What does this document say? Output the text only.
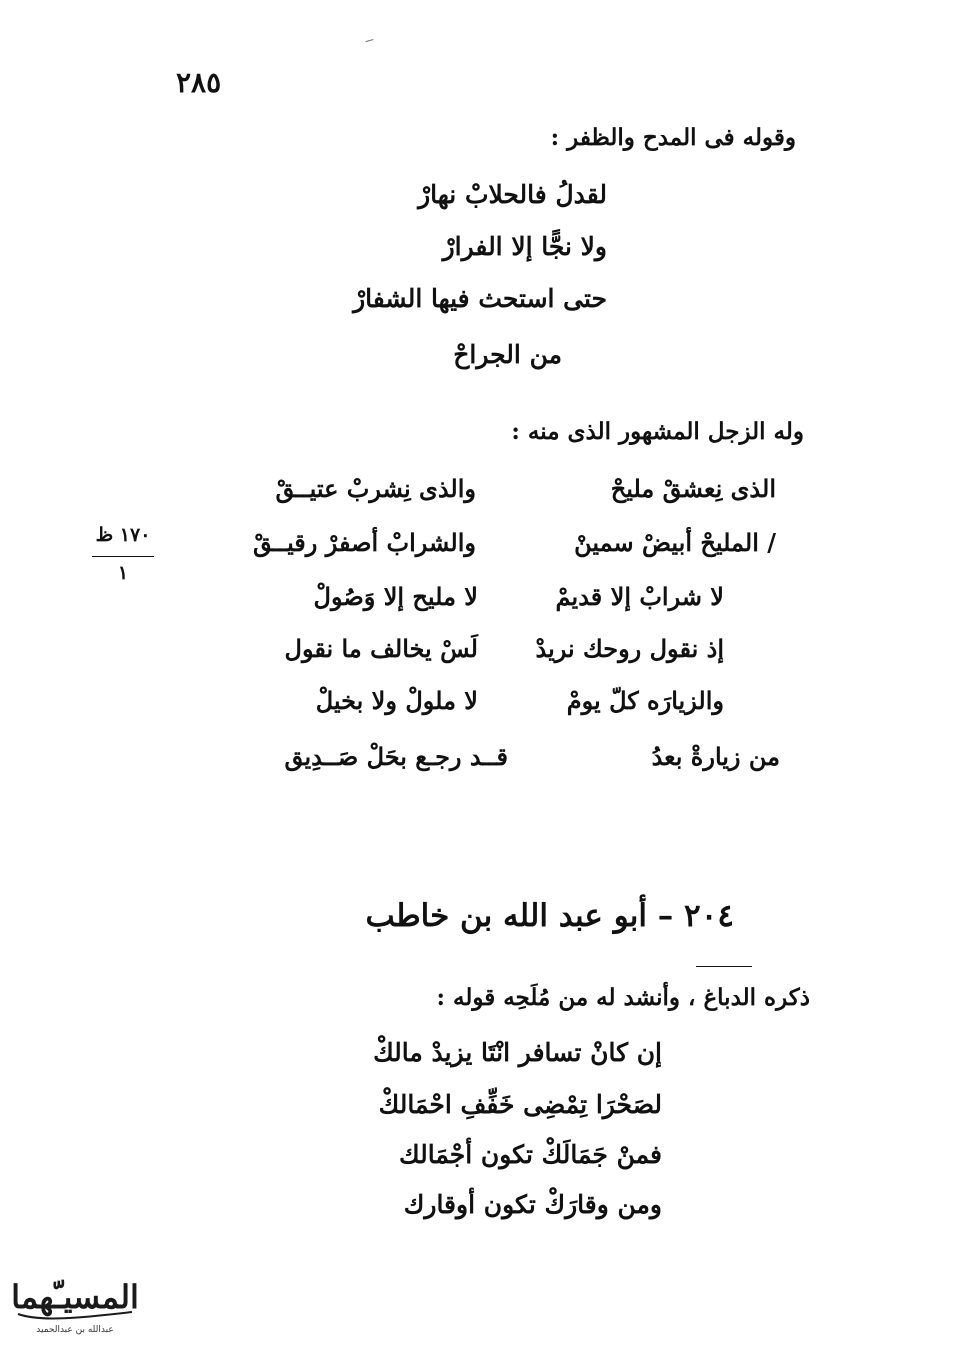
٢٨٥
وقوله فى المدح والظفر :
لقدلُ فالحلابْ نهارْ
ولا نجًّا إلا الفرارْ
حتى استحث فيها الشفارْ
من الجراحْ
وله الزجل المشهور الذى منه :
الذى نِعشقْ مليحْ
والذى نِشربْ عتيــقْ
/ المليحْ أبيضْ سمينْ
والشرابْ أصفرْ رقيــقْ
لا شرابْ إلا قديمْ
لا مليح إلا وَصُولْ
إذ نقول روحك نريدْ
لَسْ يخالف ما نقول
والزيارَه كلّ يومْ
لا ملولْ ولا بخيلْ
من زيارةْ بعدُ
قــد رجـع بحَلْ صَــدِيق
١٧٠ ظ
١
٢٠٤ – أبو عبد الله بن خاطب
ذكره الدباغ ، وأنشد له من مُلَحِه قوله :
إن كانْ تسافر انْتَا يزيدْ مالكْ
لصَحْرَا تِمْضِى خَفِّفِ احْمَالكْ
فمنْ جَمَالَكْ تكون أجْمَالك
ومن وقارَكْ تكون أوقارك
المسيـّهما
عبدالله بن عبدالحميد
